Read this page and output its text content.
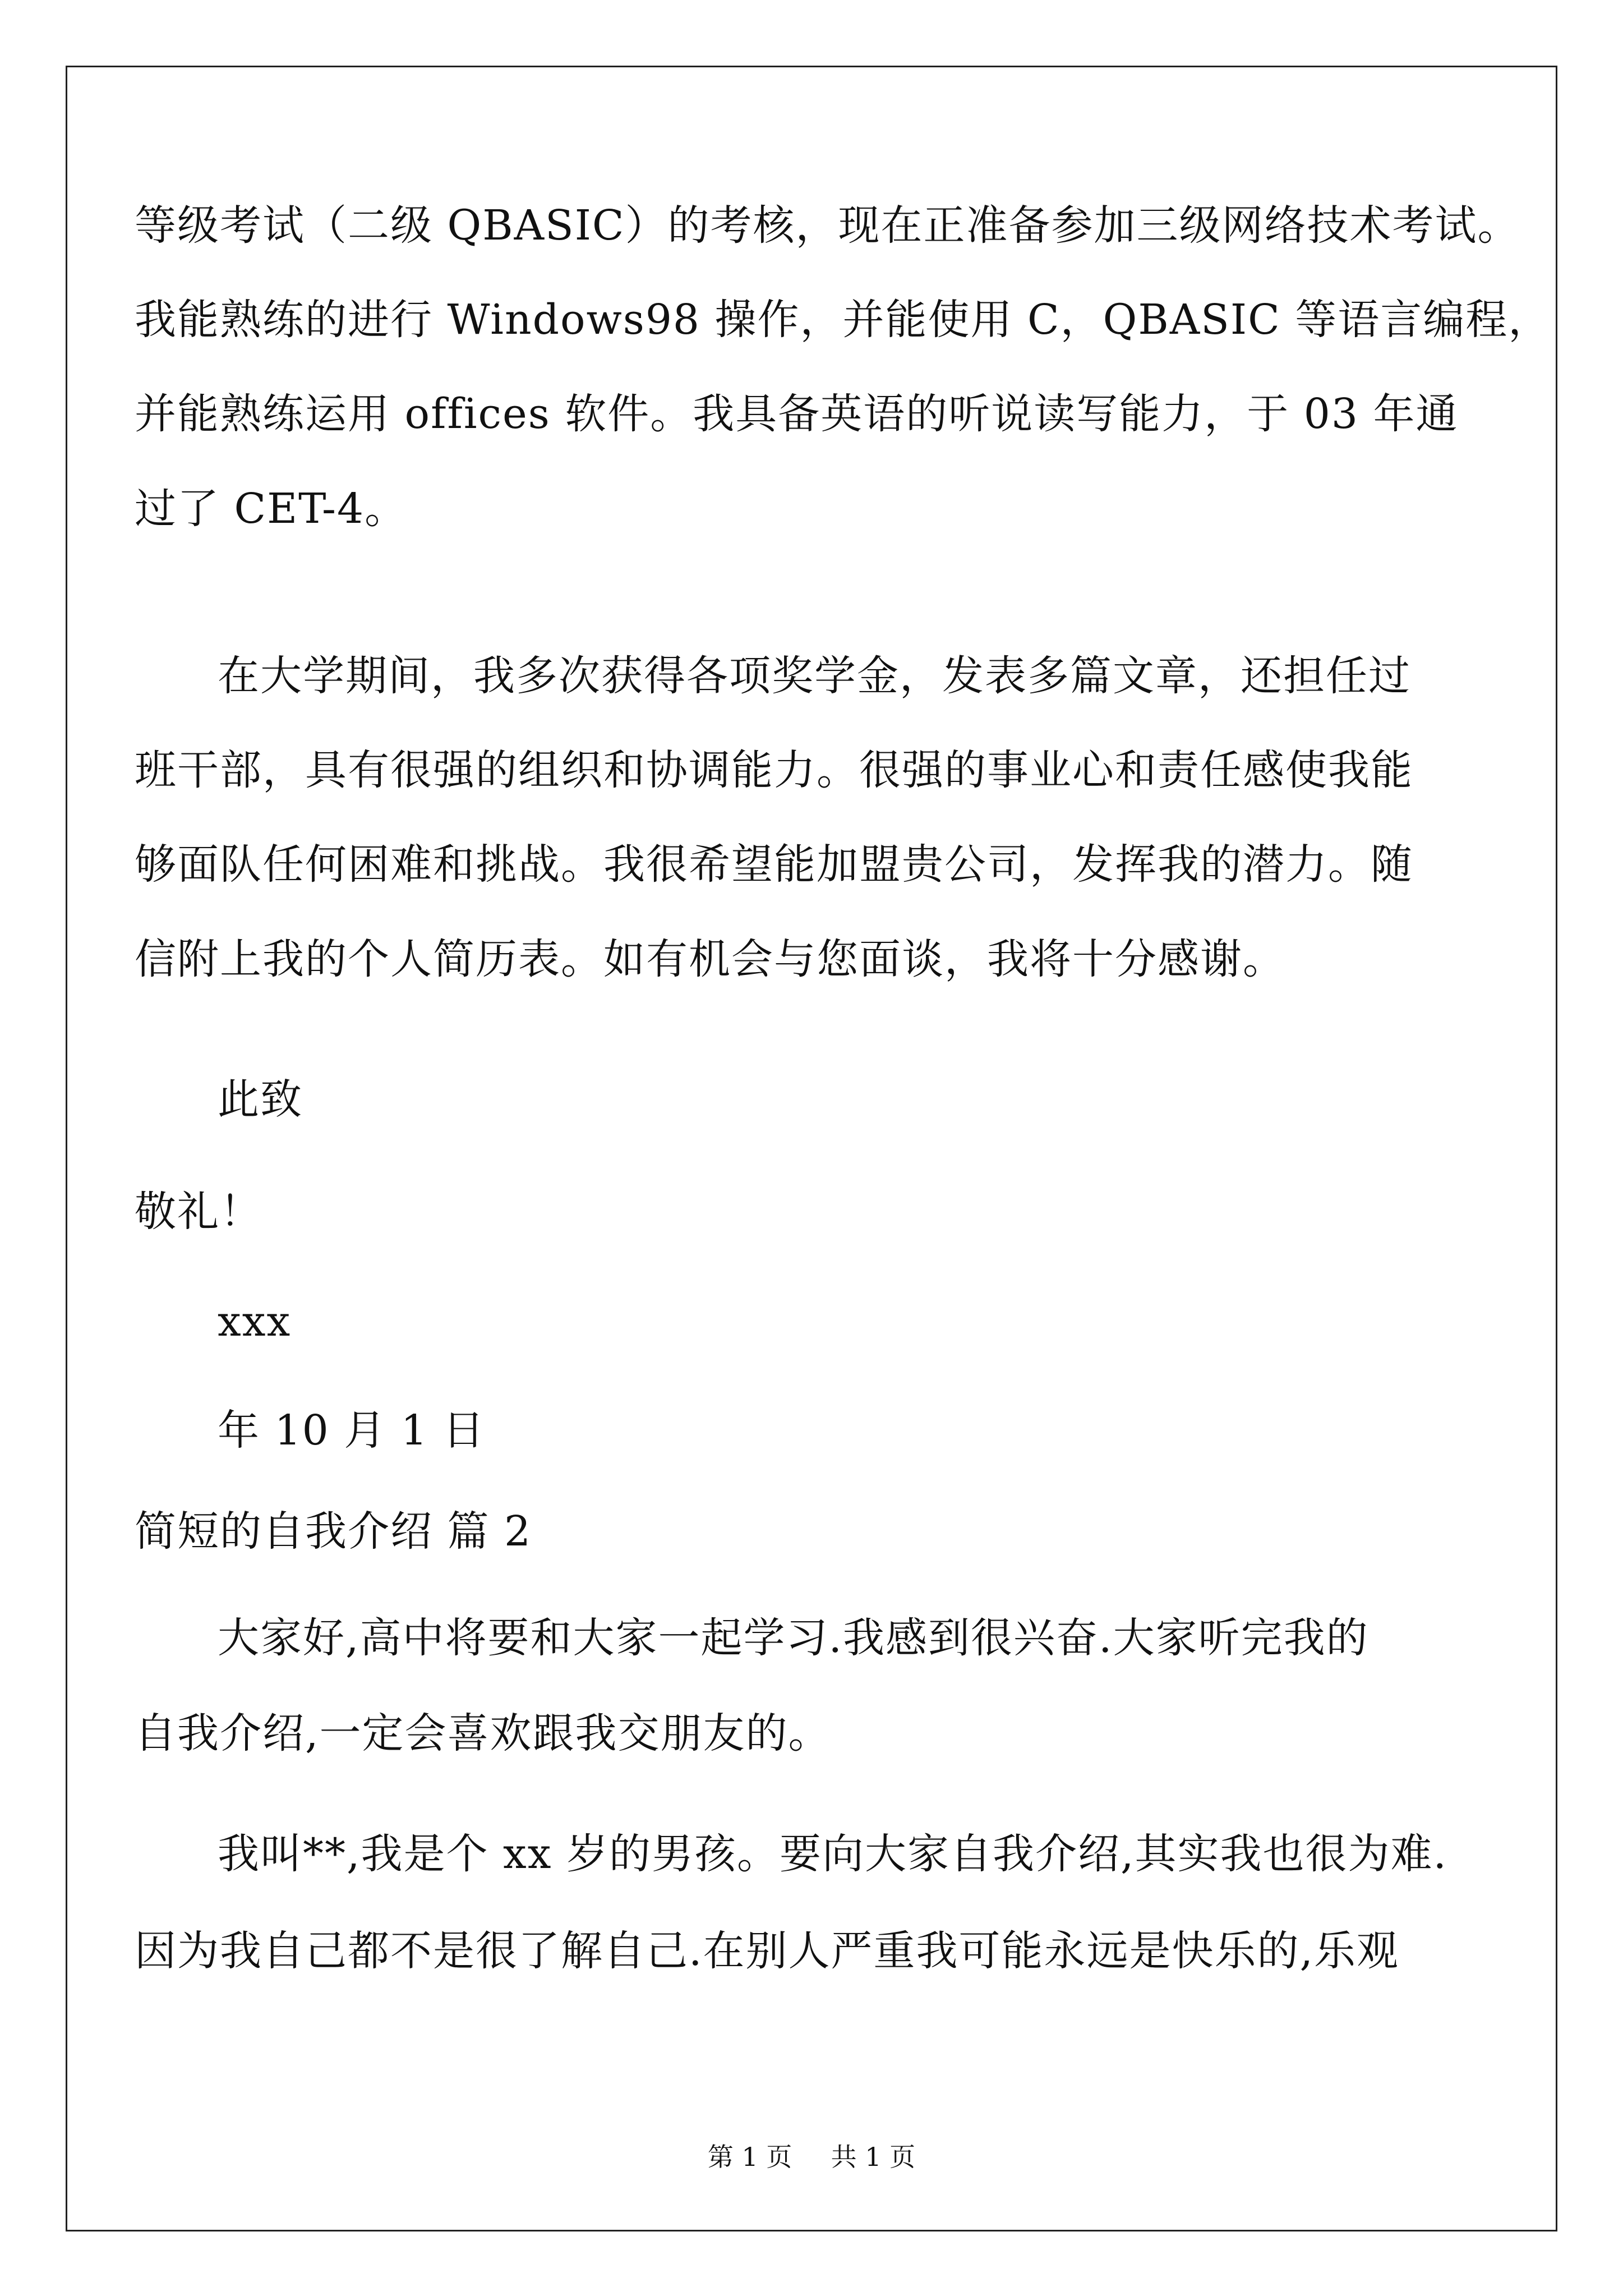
等级考试（二级 QBASIC）的考核，现在正准备参加三级网络技术考试。
我能熟练的进行 Windows98 操作，并能使用 C，QBASIC 等语言编程，
并能熟练运用 offices 软件。我具备英语的听说读写能力，于 03 年通
过了 CET-4。
在大学期间，我多次获得各项奖学金，发表多篇文章，还担任过
班干部，具有很强的组织和协调能力。很强的事业心和责任感使我能
够面队任何困难和挑战。我很希望能加盟贵公司，发挥我的潜力。随
信附上我的个人简历表。如有机会与您面谈，我将十分感谢。
此致
敬礼！
xxx
年 10 月 1 日
简短的自我介绍 篇 2
大家好,高中将要和大家一起学习.我感到很兴奋.大家听完我的
自我介绍,一定会喜欢跟我交朋友的。
我叫**,我是个 xx 岁的男孩。要向大家自我介绍,其实我也很为难.
因为我自己都不是很了解自己.在别人严重我可能永远是快乐的,乐观
第 1 页 共 1 页
